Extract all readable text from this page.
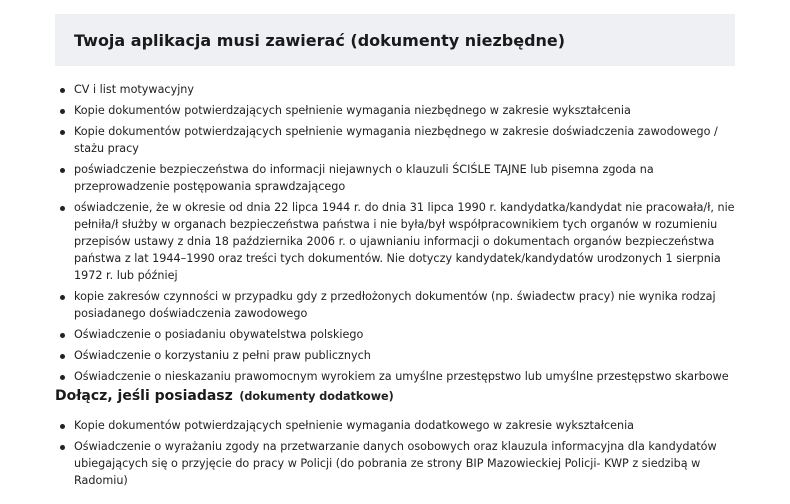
Twoja aplikacja musi zawierać (dokumenty niezbędne)
CV i list motywacyjny
Kopie dokumentów potwierdzających spełnienie wymagania niezbędnego w zakresie wykształcenia
Kopie dokumentów potwierdzających spełnienie wymagania niezbędnego w zakresie doświadczenia zawodowego / stażu pracy
poświadczenie bezpieczeństwa do informacji niejawnych o klauzuli ŚCIŚLE TAJNE lub pisemna zgoda na przeprowadzenie postępowania sprawdzającego
oświadczenie, że w okresie od dnia 22 lipca 1944 r. do dnia 31 lipca 1990 r. kandydatka/kandydat nie pracowała/ł, nie pełniła/ł służby w organach bezpieczeństwa państwa i nie była/był współpracownikiem tych organów w rozumieniu przepisów ustawy z dnia 18 października 2006 r. o ujawnianiu informacji o dokumentach organów bezpieczeństwa państwa z lat 1944–1990 oraz treści tych dokumentów. Nie dotyczy kandydatek/kandydatów urodzonych 1 sierpnia 1972 r. lub później
kopie zakresów czynności w przypadku gdy z przedłożonych dokumentów (np. świadectw pracy) nie wynika rodzaj posiadanego doświadczenia zawodowego
Oświadczenie o posiadaniu obywatelstwa polskiego
Oświadczenie o korzystaniu z pełni praw publicznych
Oświadczenie o nieskazaniu prawomocnym wyrokiem za umyślne przestępstwo lub umyślne przestępstwo skarbowe
Dołącz, jeśli posiadasz (dokumenty dodatkowe)
Kopie dokumentów potwierdzających spełnienie wymagania dodatkowego w zakresie wykształcenia
Oświadczenie o wyrażaniu zgody na przetwarzanie danych osobowych oraz klauzula informacyjna dla kandydatów ubiegających się o przyjęcie do pracy w Policji (do pobrania ze strony BIP Mazowieckiej Policji- KWP z siedzibą w Radomiu)
